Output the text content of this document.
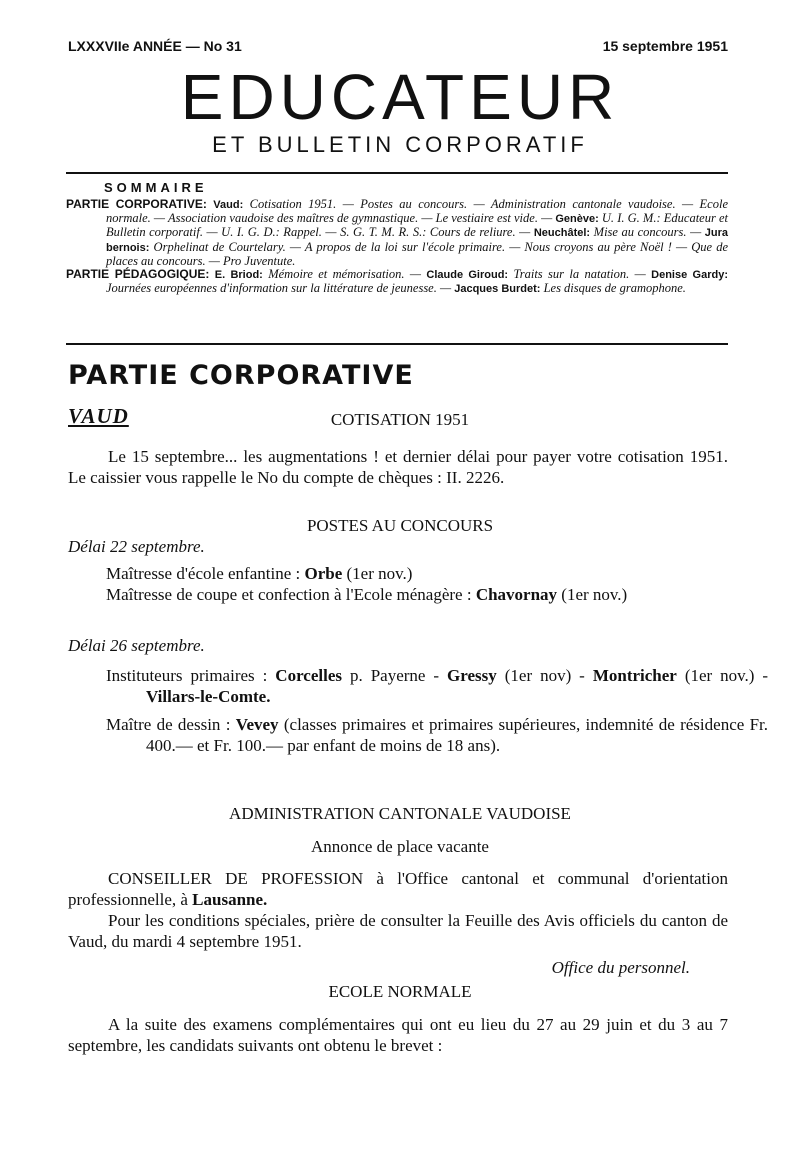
LXXXVIIe ANNÉE — No 31	15 septembre 1951
EDUCATEUR
ET BULLETIN CORPORATIF
SOMMAIRE

PARTIE CORPORATIVE: Vaud: Cotisation 1951. — Postes au concours. — Administration cantonale vaudoise. — Ecole normale. — Association vaudoise des maîtres de gymnastique. — Le vestiaire est vide. — Genève: U. I. G. M.: Educateur et Bulletin corporatif. — U. I. G. D.: Rappel. — S. G. T. M. R. S.: Cours de reliure. — Neuchâtel: Mise au concours. — Jura bernois: Orphelinat de Courtelary. — A propos de la loi sur l'école primaire. — Nous croyons au père Noël ! — Que de places au concours. — Pro Juventute.

PARTIE PÉDAGOGIQUE: E. Briod: Mémoire et mémorisation. — Claude Giroud: Traits sur la natation. — Denise Gardy: Journées européennes d'information sur la littérature de jeunesse. — Jacques Burdet: Les disques de gramophone.

PARTIE CORPORATIVE
VAUD	COTISATION 1951

Le 15 septembre... les augmentations ! et dernier délai pour payer votre cotisation 1951. Le caissier vous rappelle le No du compte de chèques : II. 2226.

POSTES AU CONCOURS
Délai 22 septembre.
Maîtresse d'école enfantine : Orbe (1er nov.)
Maîtresse de coupe et confection à l'Ecole ménagère : Chavornay (1er nov.)
Délai 26 septembre.
Instituteurs primaires : Corcelles p. Payerne - Gressy (1er nov) - Montricher (1er nov.) - Villars-le-Comte.
Maître de dessin : Vevey (classes primaires et primaires supérieures, indemnité de résidence Fr. 400.— et Fr. 100.— par enfant de moins de 18 ans).
ADMINISTRATION CANTONALE VAUDOISE
Annonce de place vacante

CONSEILLER DE PROFESSION à l'Office cantonal et communal d'orientation professionnelle, à Lausanne.

Pour les conditions spéciales, prière de consulter la Feuille des Avis officiels du canton de Vaud, du mardi 4 septembre 1951.

Office du personnel.
ECOLE NORMALE

A la suite des examens complémentaires qui ont eu lieu du 27 au 29 juin et du 3 au 7 septembre, les candidats suivants ont obtenu le brevet :
